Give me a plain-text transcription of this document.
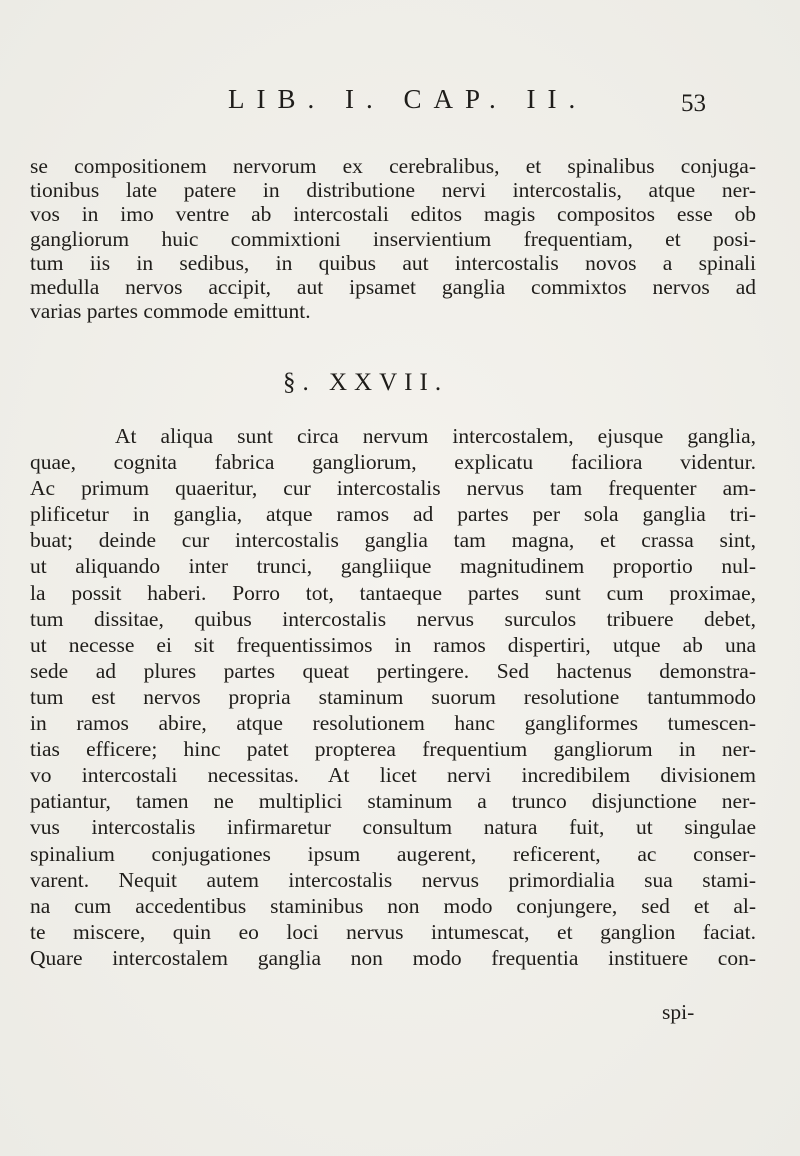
LIB. I. CAP. II.	53
se compositionem nervorum ex cerebralibus, et spinalibus conjuga-
tionibus late patere in distributione nervi intercostalis, atque ner-
vos in imo ventre ab intercostali editos magis compositos esse ob
gangliorum huic commixtioni inservientium frequentiam, et posi-
tum iis in sedibus, in quibus aut intercostalis novos a spinali
medulla nervos accipit, aut ipsamet ganglia commixtos nervos ad
varias partes commode emittunt.
§. XXVII.
At aliqua sunt circa nervum intercostalem, ejusque ganglia,
quae, cognita fabrica gangliorum, explicatu faciliora videntur.
Ac primum quaeritur, cur intercostalis nervus tam frequenter am-
plificetur in ganglia, atque ramos ad partes per sola ganglia tri-
buat; deinde cur intercostalis ganglia tam magna, et crassa sint,
ut aliquando inter trunci, gangliique magnitudinem proportio nul-
la possit haberi. Porro tot, tantaeque partes sunt cum proximae,
tum dissitae, quibus intercostalis nervus surculos tribuere debet,
ut necesse ei sit frequentissimos in ramos dispertiri, utque ab una
sede ad plures partes queat pertingere. Sed hactenus demonstra-
tum est nervos propria staminum suorum resolutione tantummodo
in ramos abire, atque resolutionem hanc gangliformes tumescen-
tias efficere; hinc patet propterea frequentium gangliorum in ner-
vo intercostali necessitas. At licet nervi incredibilem divisionem
patiantur, tamen ne multiplici staminum a trunco disjunctione ner-
vus intercostalis infirmaretur consultum natura fuit, ut singulae
spinalium conjugationes ipsum augerent, reficerent, ac conser-
varent. Nequit autem intercostalis nervus primordialia sua stami-
na cum accedentibus staminibus non modo conjungere, sed et al-
te miscere, quin eo loci nervus intumescat, et ganglion faciat.
Quare intercostalem ganglia non modo frequentia instituere con-
spi-
